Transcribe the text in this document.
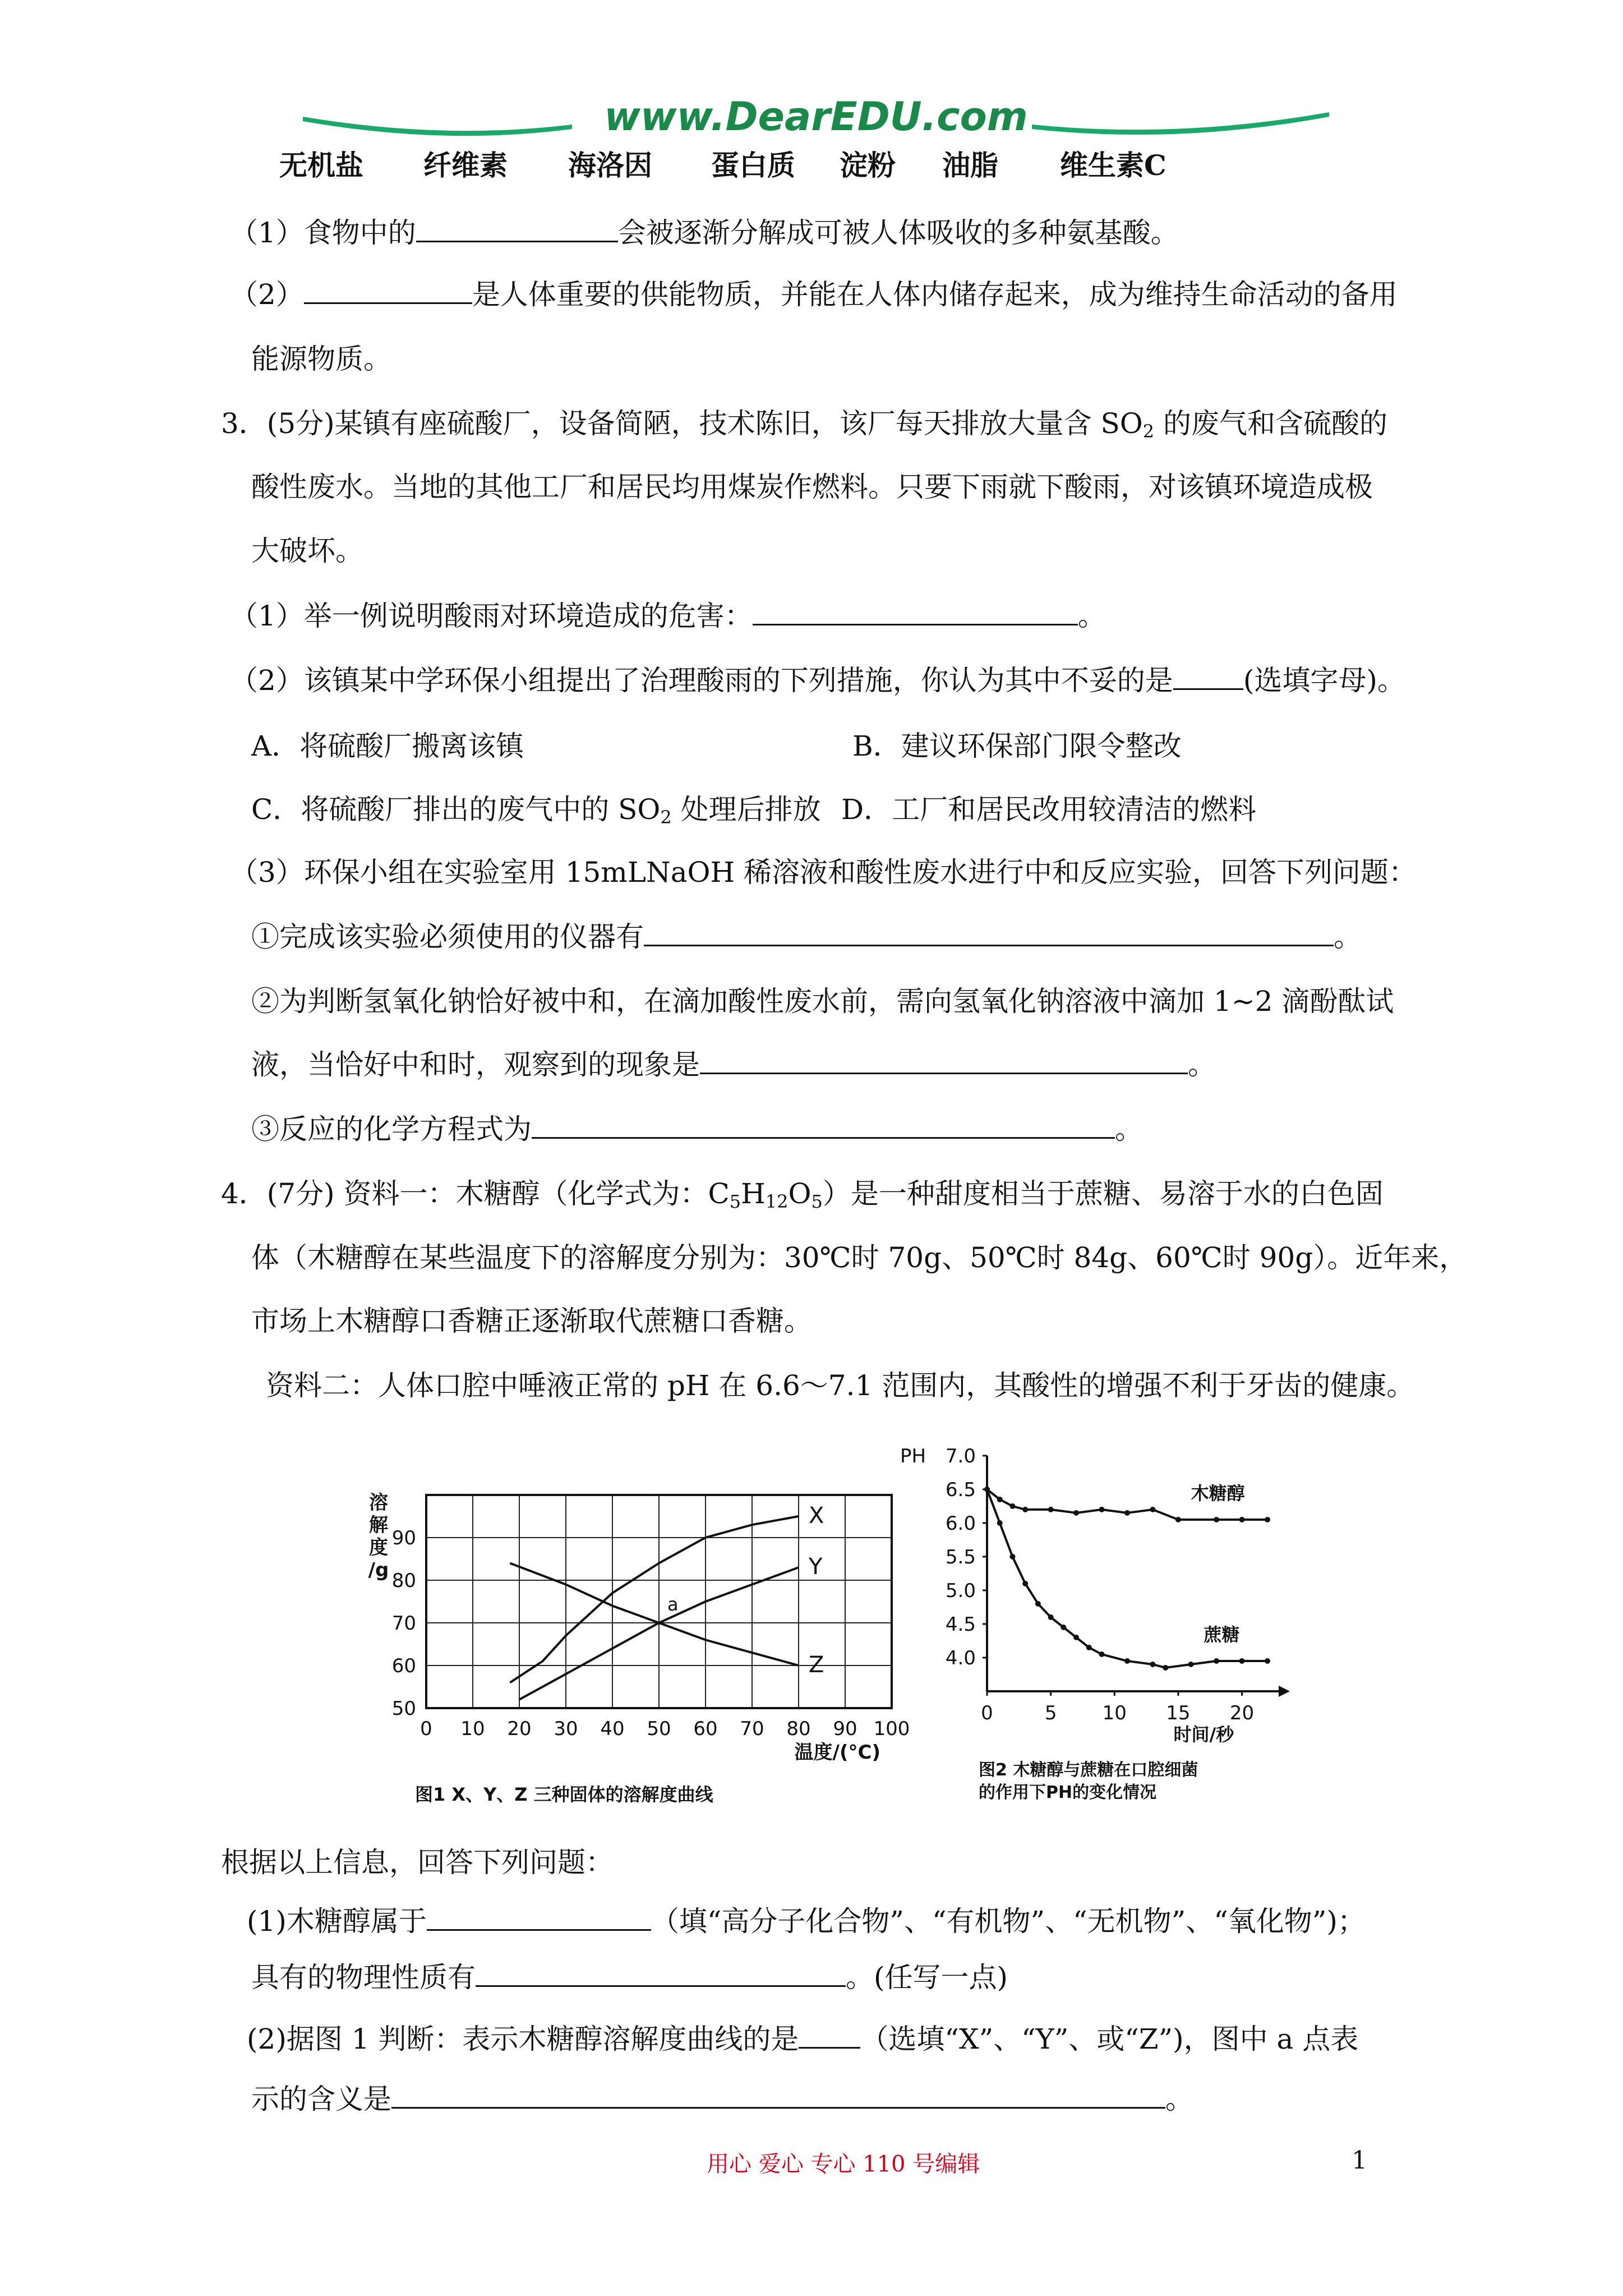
www.DearEDU.com
无机盐 纤维素 海洛因 蛋白质 淀粉 油脂 维生素C
（1）食物中的	会被逐渐分解成可被人体吸收的多种氨基酸。
（2）	是人体重要的供能物质，并能在人体内储存起来，成为维持生命活动的备用
能源物质。
3．(5分)某镇有座硫酸厂，设备简陋，技术陈旧，该厂每天排放大量含 $SO_2$ 的废气和含硫酸的
酸性废水。当地的其他工厂和居民均用煤炭作燃料。只要下雨就下酸雨，对该镇环境造成极
大破坏。
（1）举一例说明酸雨对环境造成的危害：	。
（2）该镇某中学环保小组提出了治理酸雨的下列措施，你认为其中不妥的是	(选填字母)。
A．将硫酸厂搬离该镇	B．建议环保部门限令整改
C．将硫酸厂排出的废气中的 $SO_2$ 处理后排放 D．工厂和居民改用较清洁的燃料
（3）环保小组在实验室用 15mLNaOH 稀溶液和酸性废水进行中和反应实验，回答下列问题：
①完成该实验必须使用的仪器有	。
②为判断氢氧化钠恰好被中和，在滴加酸性废水前，需向氢氧化钠溶液中滴加 1~2 滴酚酞试
液，当恰好中和时，观察到的现象是	。
③反应的化学方程式为	。
4．(7分) 资料一：木糖醇（化学式为：$C_5H_{12}O_5$）是一种甜度相当于蔗糖、易溶于水的白色固
体（木糖醇在某些温度下的溶解度分别为：30℃时 70g、50℃时 84g、60℃时 90g）。近年来，
市场上木糖醇口香糖正逐渐取代蔗糖口香糖。
资料二：人体口腔中唾液正常的 pH 在 6.6～7.1 范围内，其酸性的增强不利于牙齿的健康。
0 10 20 30 40 50 60 70 80 90 100
50
60
70
80
90
溶
解
度
/g
温度/(°C)
X
Y
Z
a
图1 X、Y、Z 三种固体的溶解度曲线
7.0
6.5
6.0
5.5
5.0
4.5
4.0
PH
0	5 10 15 20
时间/秒
木糖醇
蔗糖
图2 木糖醇与蔗糖在口腔细菌
的作用下PH的变化情况
根据以上信息，回答下列问题：
(1)木糖醇属于	（填“高分子化合物”、“有机物”、“无机物”、“氧化物”)；
具有的物理性质有	。(任写一点)
(2)据图 1 判断：表示木糖醇溶解度曲线的是 （选填“X”、“Y”、或“Z”)，图中 a 点表
示的含义是	。
用心 爱心 专心 110 号编辑	1
